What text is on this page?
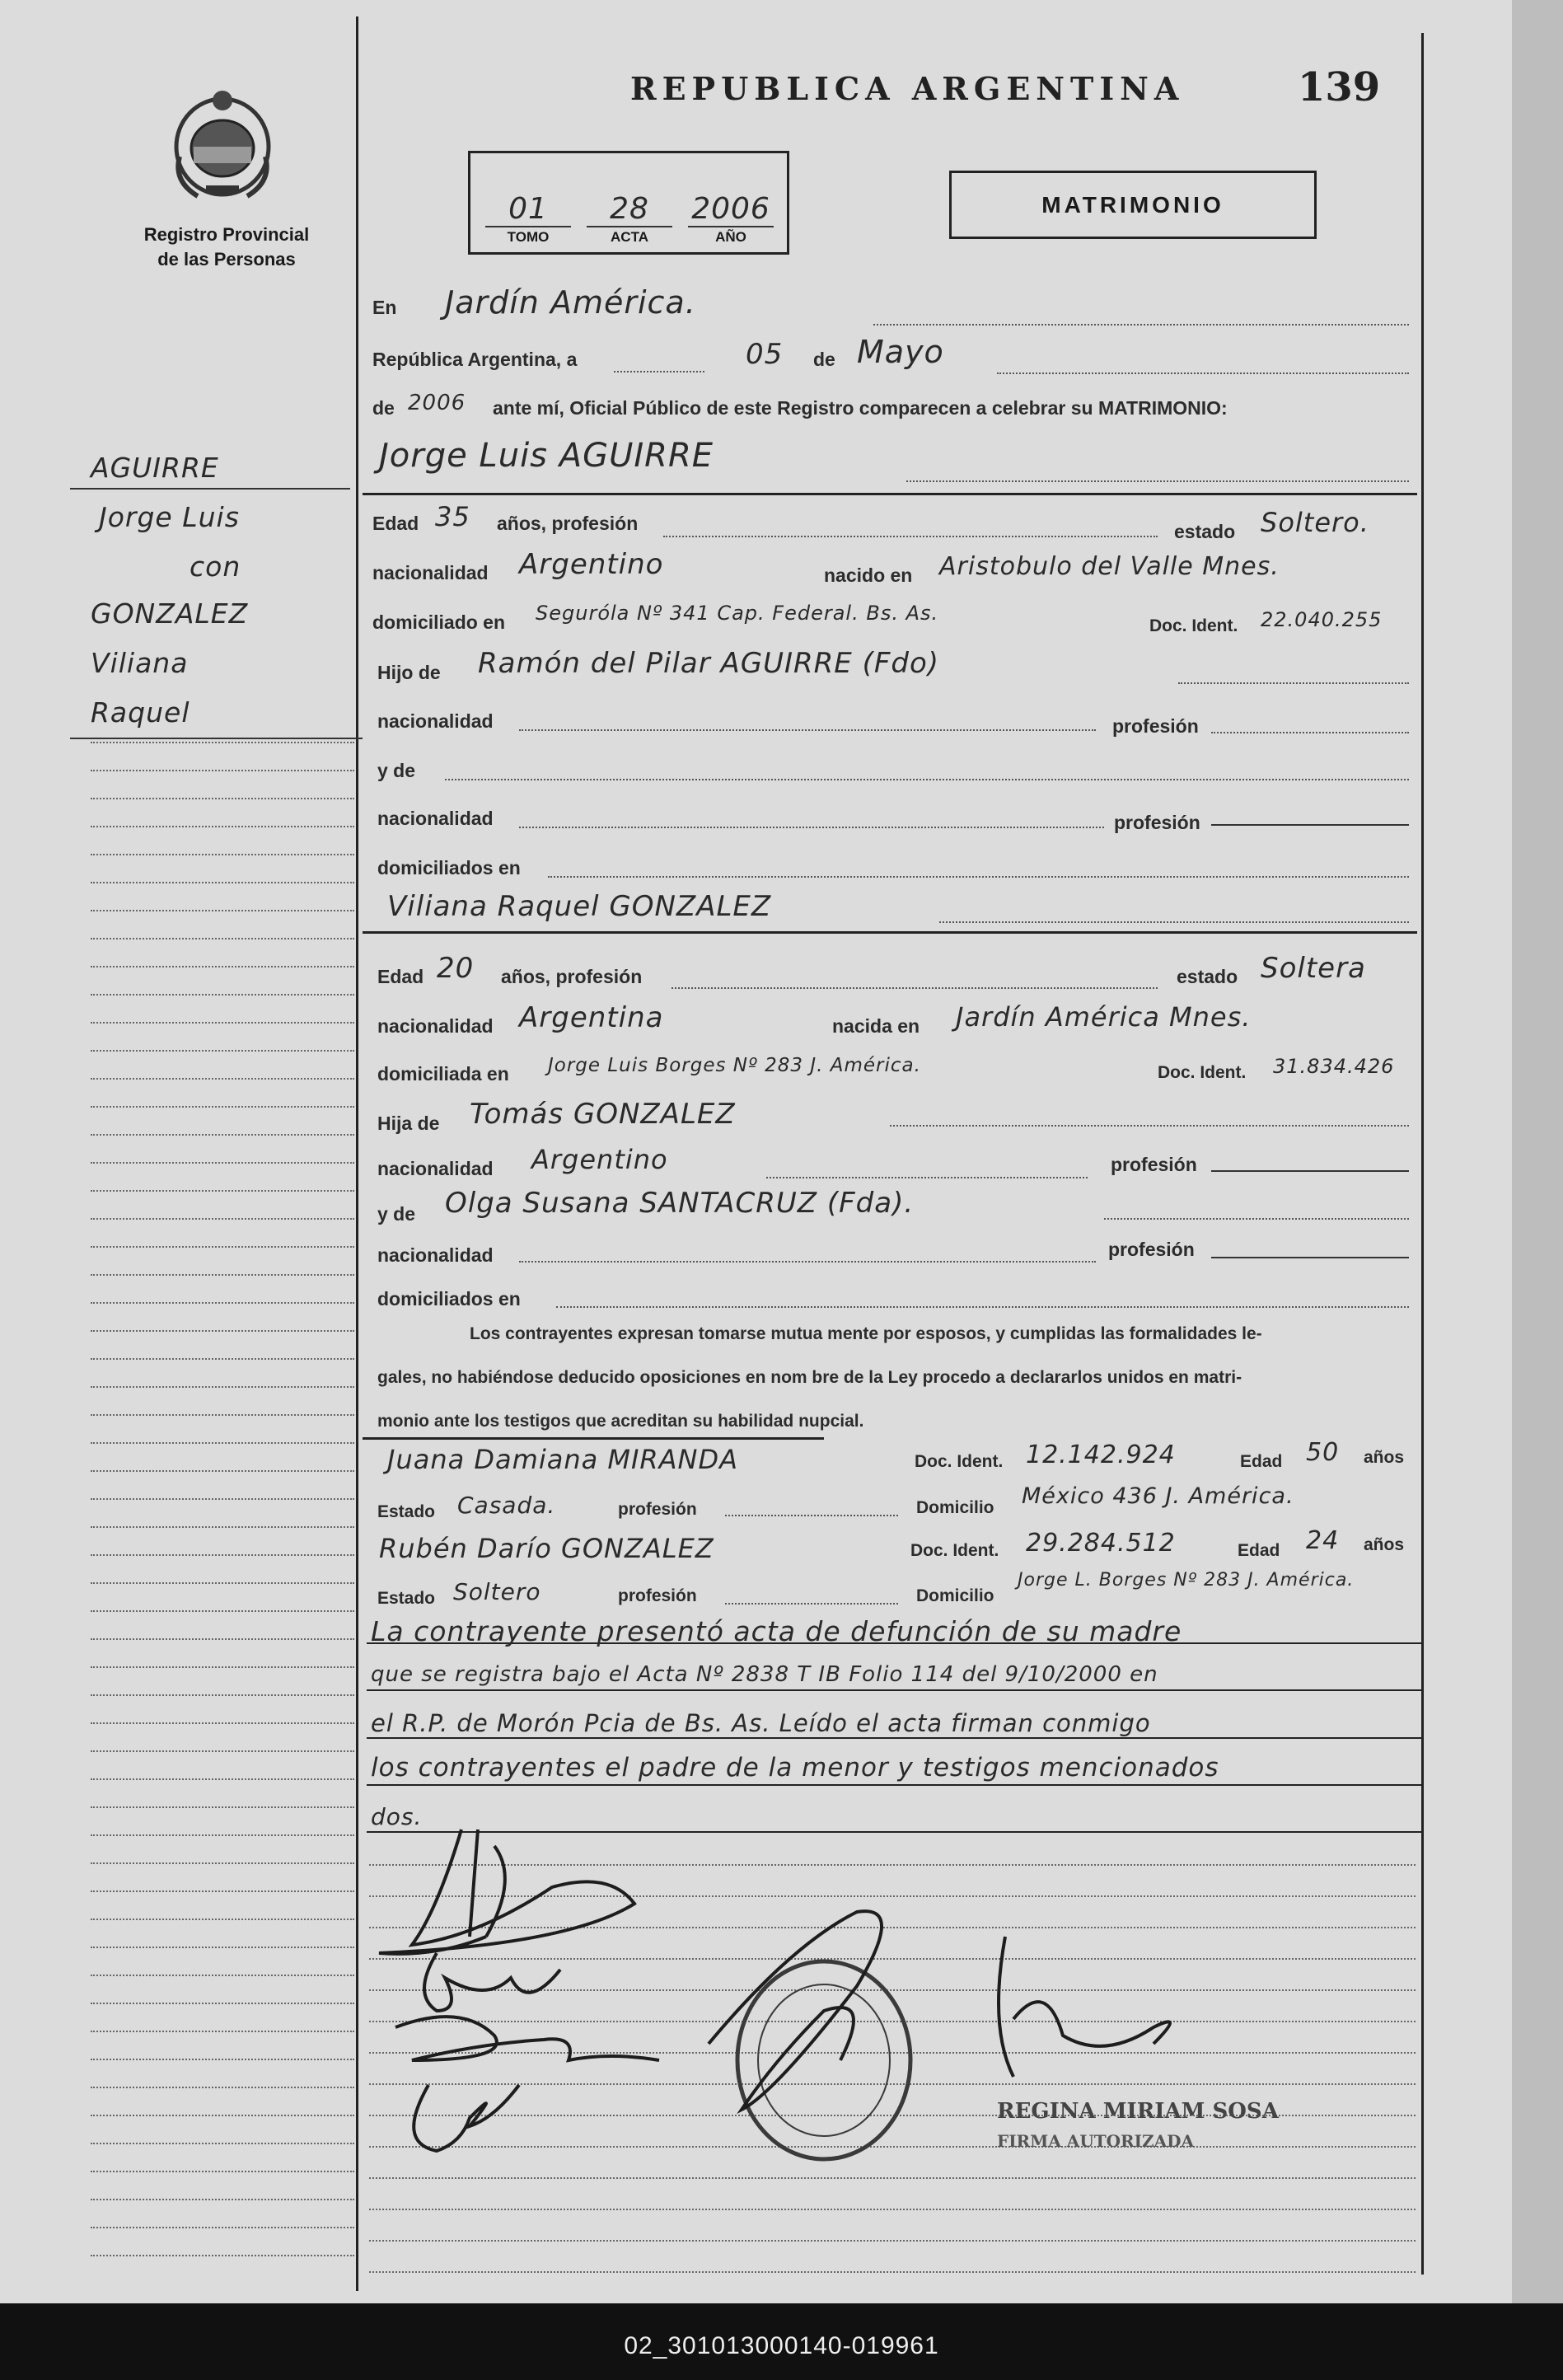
02_301013000140-019961
Registro Provincial
de las Personas
REPUBLICA ARGENTINA	139
01
TOMO
28
ACTA
2006
AÑO
MATRIMONIO
AGUIRRE
Jorge Luis
con
GONZALEZ
Viliana
Raquel
En Jardín América.
República Argentina, a	05 de Mayo
de 2006 ante mí, Oficial Público de este Registro comparecen a celebrar su MATRIMONIO:
Jorge Luis AGUIRRE
Edad 35 años, profesión	estado Soltero.
nacionalidad Argentino	nacido en Aristobulo del Valle Mnes.
domiciliado en Seguróla Nº 341 Cap. Federal. Bs. As.
Doc. Ident. 22.040.255
Hijo de Ramón del Pilar AGUIRRE (Fdo)
nacionalidad	profesión
y de
nacionalidad	profesión
domiciliados en
Viliana Raquel GONZALEZ
Edad 20 años, profesión	estado Soltera
nacionalidad Argentina	nacida en Jardín América Mnes.
domiciliada en Jorge Luis Borges Nº 283 J. América.	Doc. Ident. 31.834.426
Hija de Tomás GONZALEZ
nacionalidad Argentino	profesión
y de Olga Susana SANTACRUZ (Fda).
nacionalidad	profesión
domiciliados en
Los contrayentes expresan tomarse mutua mente por esposos, y cumplidas las formalidades le-
gales, no habiéndose deducido oposiciones en nom bre de la Ley procedo a declararlos unidos en matri-
monio ante los testigos que acreditan su habilidad nupcial.
Juana Damiana MIRANDA	Doc. Ident. 12.142.924	Edad 50 años
Estado Casada.	profesión	Domicilio México 436 J. América.
Rubén Darío GONZALEZ	Doc. Ident. 29.284.512	Edad 24 años
Estado Soltero	profesión	Domicilio
Jorge L. Borges Nº 283 J. América.
La contrayente presentó acta de defunción de su madre
que se registra bajo el Acta Nº 2838 T IB Folio 114 del 9/10/2000 en
el R.P. de Morón Pcia de Bs. As. Leído el acta firman conmigo
los contrayentes el padre de la menor y testigos mencionados
dos.
REGINA MIRIAM SOSA
FIRMA AUTORIZADA
